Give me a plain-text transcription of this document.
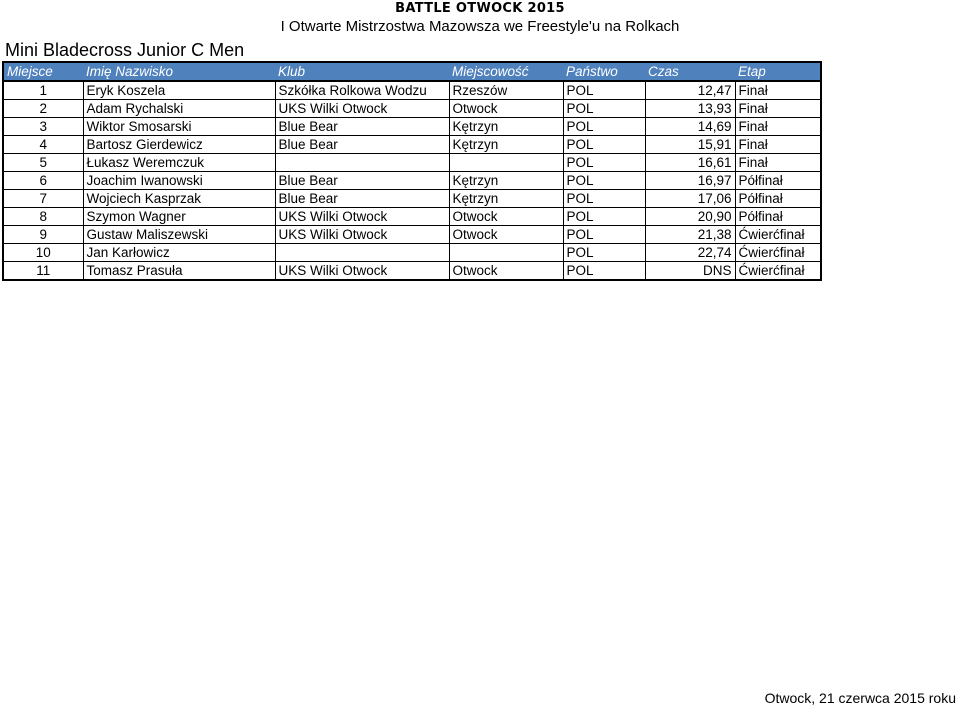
BATTLE OTWOCK 2015
I Otwarte Mistrzostwa Mazowsza we Freestyle'u na Rolkach
Mini Bladecross Junior C Men
Miejsce	Imię Nazwisko	Klub	Miejscowość	Państwo	Czas	Etap
1	Eryk Koszela	Szkółka Rolkowa Wodzu	Rzeszów	POL	12,47	Finał
2	Adam Rychalski	UKS Wilki Otwock	Otwock	POL	13,93	Finał
3	Wiktor Smosarski	Blue Bear	Kętrzyn	POL	14,69	Finał
4	Bartosz Gierdewicz	Blue Bear	Kętrzyn	POL	15,91	Finał
5	Łukasz Weremczuk			POL	16,61	Finał
6	Joachim Iwanowski	Blue Bear	Kętrzyn	POL	16,97	Półfinał
7	Wojciech Kasprzak	Blue Bear	Kętrzyn	POL	17,06	Półfinał
8	Szymon Wagner	UKS Wilki Otwock	Otwock	POL	20,90	Półfinał
9	Gustaw Maliszewski	UKS Wilki Otwock	Otwock	POL	21,38	Ćwierćfinał
10	Jan Karłowicz			POL	22,74	Ćwierćfinał
11	Tomasz Prasuła	UKS Wilki Otwock	Otwock	POL	DNS	Ćwierćfinał
Otwock, 21 czerwca 2015 roku
